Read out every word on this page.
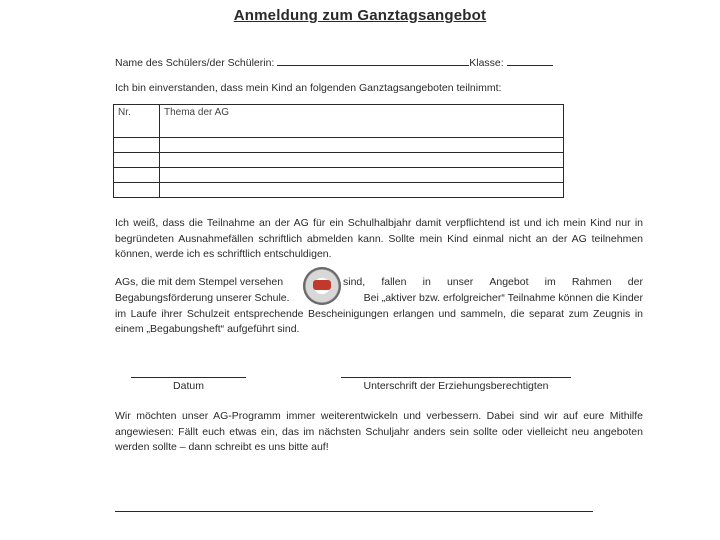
Anmeldung zum Ganztagsangebot
Name des Schülers/der Schülerin:	Klasse:
Ich bin einverstanden, dass mein Kind an folgenden Ganztagsangeboten teilnimmt:
Nr.	Thema der AG

Ich weiß, dass die Teilnahme an der AG für ein Schulhalbjahr damit verpflichtend ist und ich mein Kind nur in begründeten Ausnahmefällen schriftlich abmelden kann. Sollte mein Kind einmal nicht an der AG teilnehmen können, werde ich es schriftlich entschuldigen.
AGs, die mit dem Stempel versehen	sind, fallen in unser Angebot im Rahmen der
Begabungsförderung unserer Schule.	Bei „aktiver bzw. erfolgreicher“ Teilnahme können die Kinder
im Laufe ihrer Schulzeit entsprechende Bescheinigungen erlangen und sammeln, die separat zum Zeugnis in
einem „Begabungsheft“ aufgeführt sind.
Datum	Unterschrift der Erziehungsberechtigten
Wir möchten unser AG-Programm immer weiterentwickeln und verbessern. Dabei sind wir auf eure Mithilfe angewiesen: Fällt euch etwas ein, das im nächsten Schuljahr anders sein sollte oder vielleicht neu angeboten werden sollte – dann schreibt es uns bitte auf!
